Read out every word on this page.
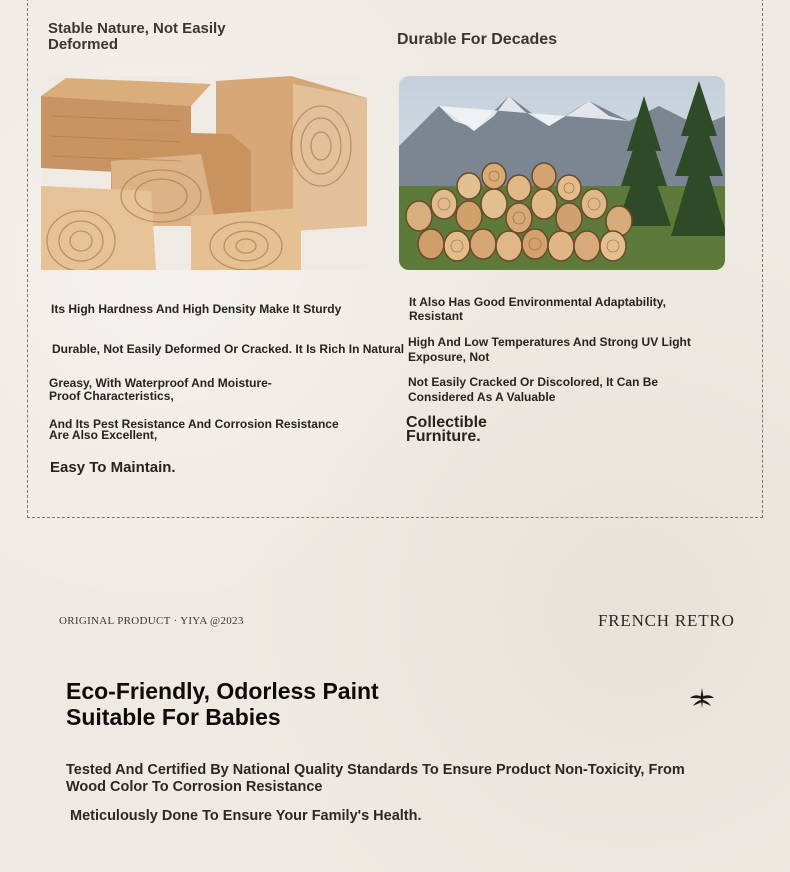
Stable Nature, Not Easily Deformed	Durable For Decades
Its High Hardness And High Density Make It Sturdy
Durable, Not Easily Deformed Or Cracked. It Is Rich In Natural
Greasy, With Waterproof And Moisture-Proof Characteristics,
And Its Pest Resistance And Corrosion Resistance Are Also Excellent,
Easy To Maintain.
It Also Has Good Environmental Adaptability, Resistant
High And Low Temperatures And Strong UV Light Exposure, Not
Not Easily Cracked Or Discolored, It Can Be Considered As A Valuable
Collectible Furniture.
ORIGINAL PRODUCT · YIYA @2023	FRENCH RETRO
Eco-Friendly, Odorless Paint Suitable For Babies
Tested And Certified By National Quality Standards To Ensure Product Non-Toxicity, From Wood Color To Corrosion Resistance
Meticulously Done To Ensure Your Family's Health.
